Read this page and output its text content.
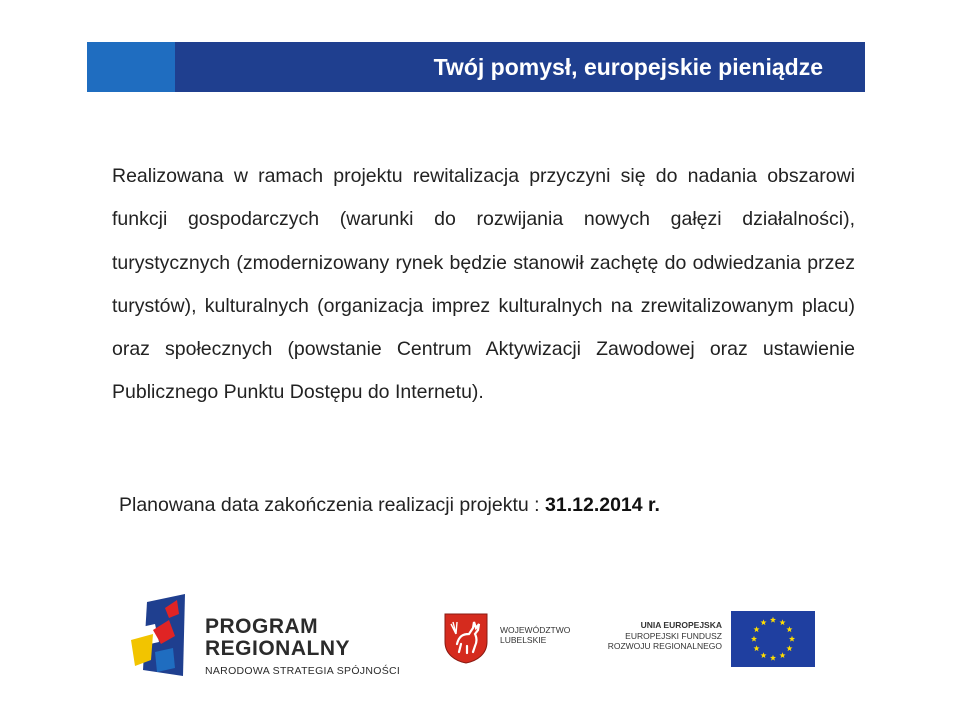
Twój pomysł, europejskie pieniądze
Realizowana w ramach projektu rewitalizacja przyczyni się do nadania obszarowi funkcji gospodarczych (warunki do rozwijania nowych gałęzi działalności), turystycznych (zmodernizowany rynek będzie stanowił zachętę do odwiedzania przez turystów), kulturalnych (organizacja imprez kulturalnych na zrewitalizowanym placu) oraz społecznych (powstanie Centrum Aktywizacji Zawodowej oraz ustawienie Publicznego Punktu Dostępu do Internetu).
Planowana data zakończenia realizacji projektu : 31.12.2014 r.
PROGRAM
REGIONALNY
NARODOWA STRATEGIA SPÓJNOŚCI
WOJEWÓDZTWO
LUBELSKIE
UNIA EUROPEJSKA
EUROPEJSKI FUNDUSZ
ROZWOJU REGIONALNEGO
